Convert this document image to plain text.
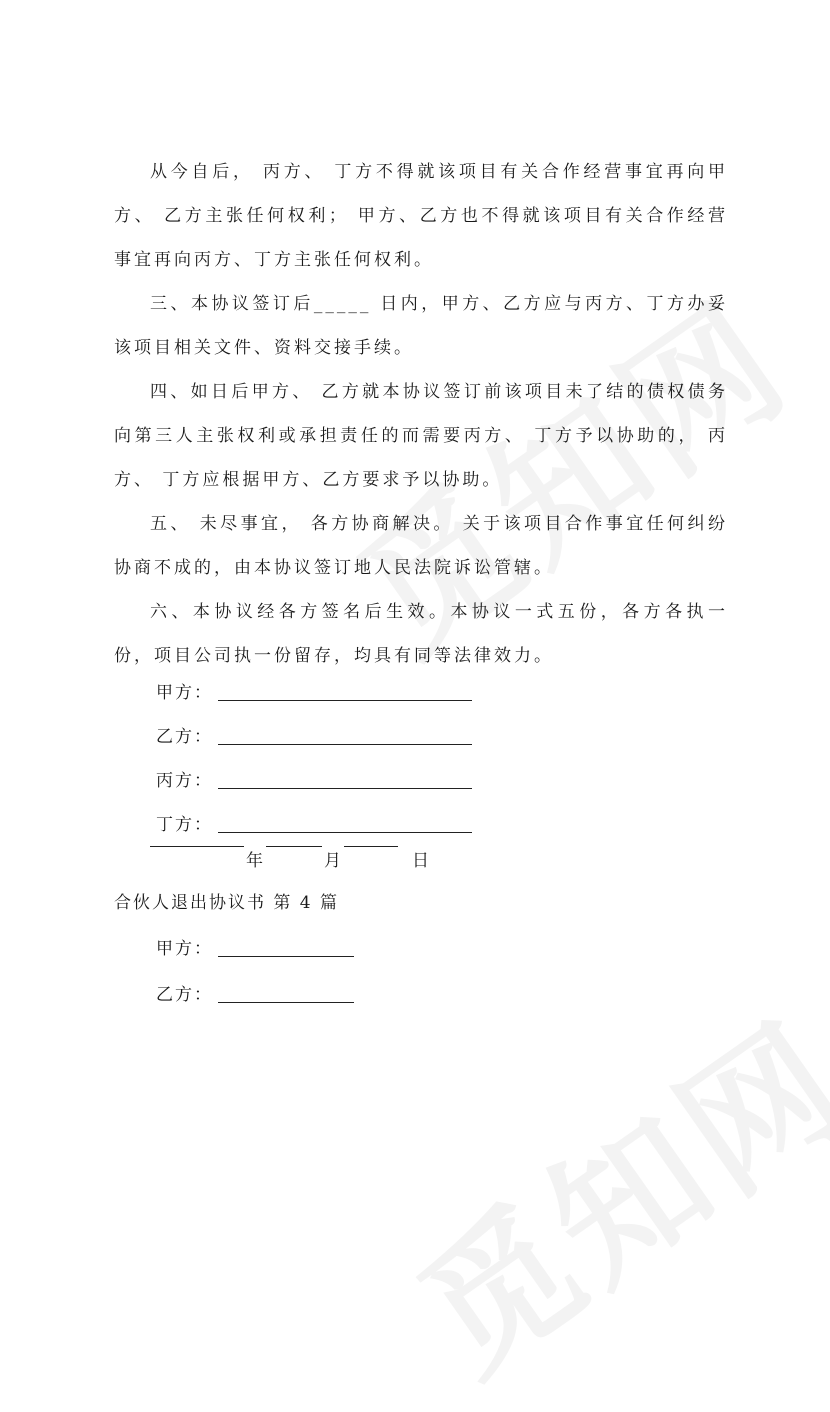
从今自后， 丙方、 丁方不得就该项目有关合作经营事宜再向甲方、 乙方主张任何权利； 甲方、乙方也不得就该项目有关合作经营事宜再向丙方、丁方主张任何权利。

三、本协议签订后_____ 日内，甲方、乙方应与丙方、丁方办妥该项目相关文件、资料交接手续。

四、如日后甲方、 乙方就本协议签订前该项目未了结的债权债务向第三人主张权利或承担责任的而需要丙方、 丁方予以协助的， 丙方、 丁方应根据甲方、乙方要求予以协助。

五、 未尽事宜， 各方协商解决。 关于该项目合作事宜任何纠纷协商不成的，由本协议签订地人民法院诉讼管辖。

六、本协议经各方签名后生效。本协议一式五份，各方各执一份，项目公司执一份留存，均具有同等法律效力。

甲方：
乙方：
丙方：
丁方：
年	月	日

合伙人退出协议书 第 4 篇

甲方：
乙方：
